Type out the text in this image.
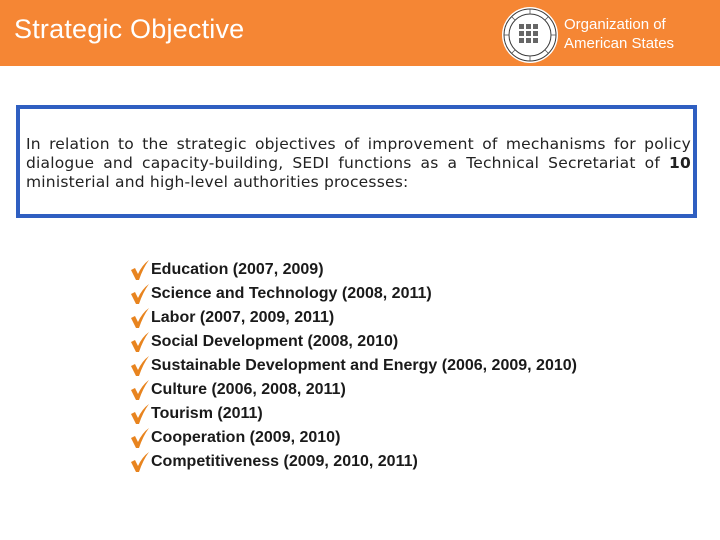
Strategic Objective	Organization of
American States
In relation to the strategic objectives of improvement of mechanisms for policy dialogue and capacity-building, SEDI functions as a Technical Secretariat of 10 ministerial and high-level authorities processes:
Education (2007, 2009)
Science and Technology (2008, 2011)
Labor (2007, 2009, 2011)
Social Development (2008, 2010)
Sustainable Development and Energy (2006, 2009, 2010)
Culture (2006, 2008, 2011)
Tourism (2011)
Cooperation (2009, 2010)
Competitiveness (2009, 2010, 2011)
